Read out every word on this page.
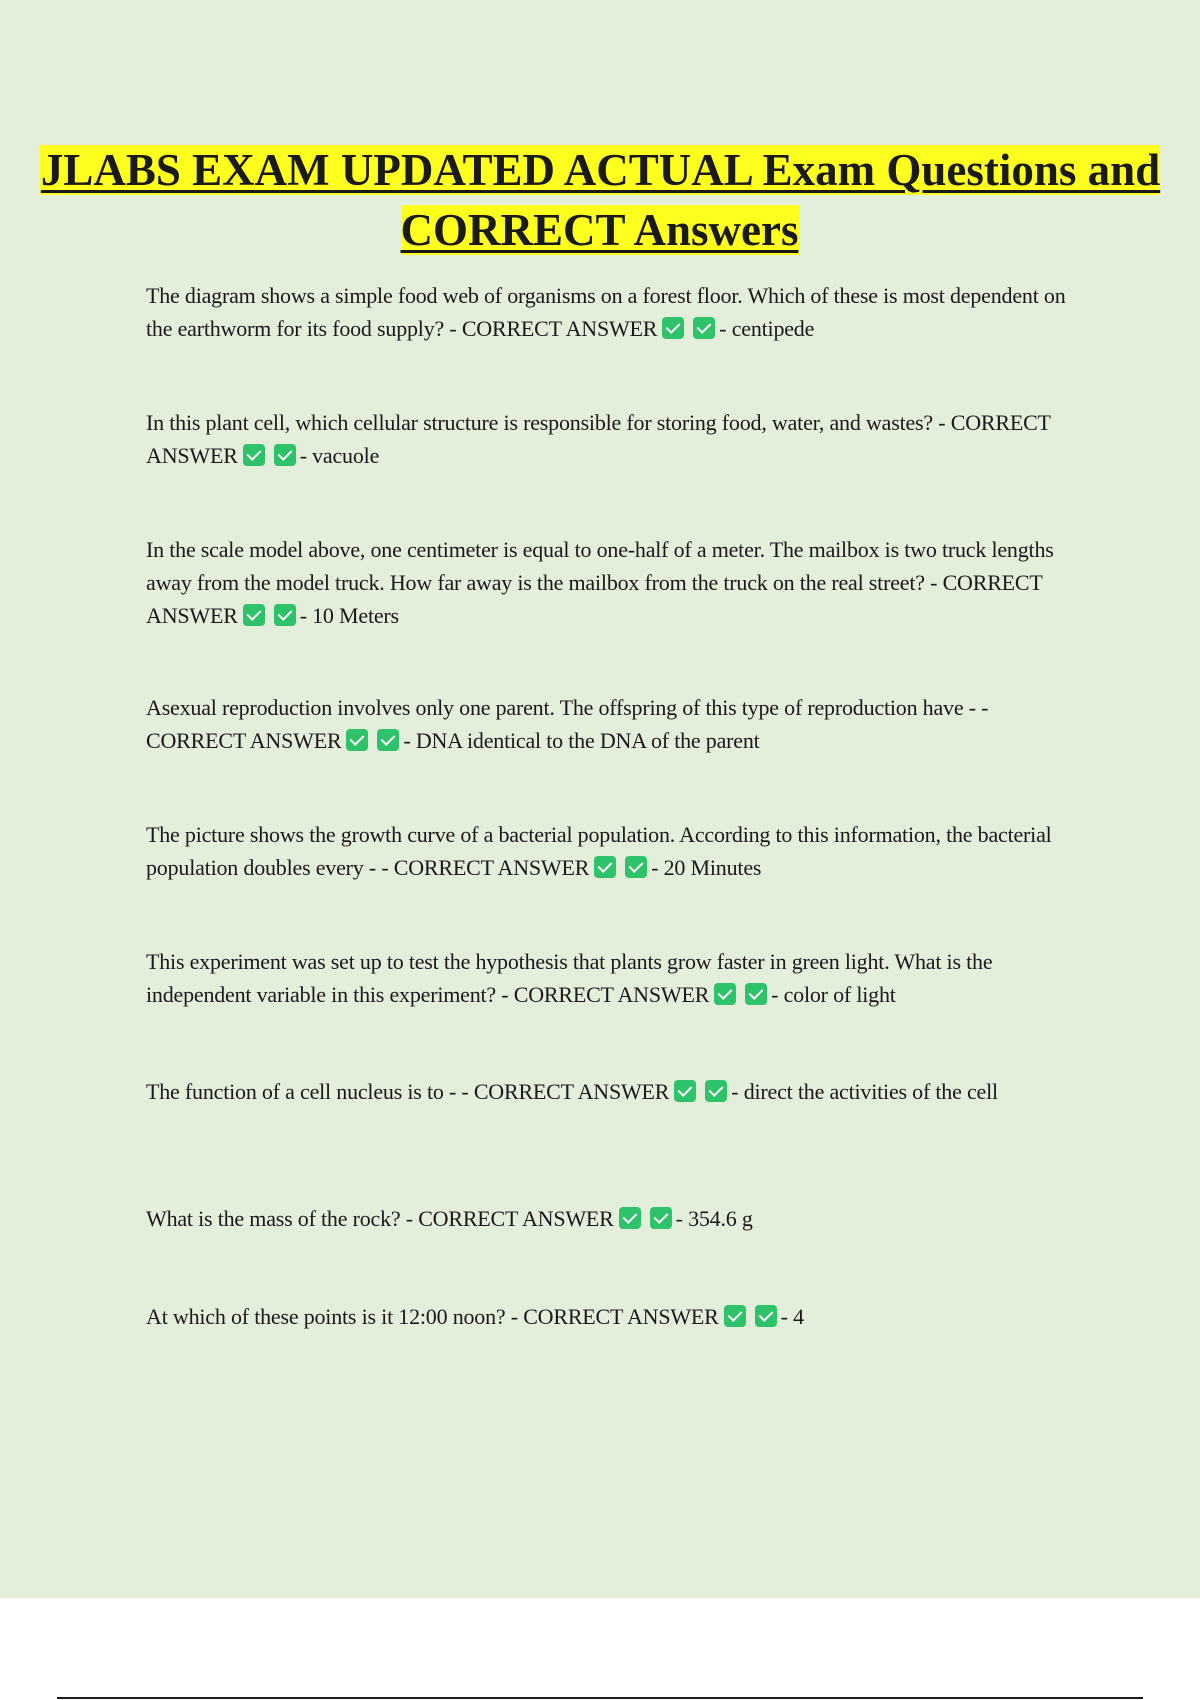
JLABS EXAM UPDATED ACTUAL Exam Questions and CORRECT Answers

The diagram shows a simple food web of organisms on a forest floor. Which of these is most dependent on the earthworm for its food supply? - CORRECT ANSWER	- centipede

In this plant cell, which cellular structure is responsible for storing food, water, and wastes? - CORRECT ANSWER	- vacuole

In the scale model above, one centimeter is equal to one-half of a meter. The mailbox is two truck lengths away from the model truck. How far away is the mailbox from the truck on the real street? - CORRECT ANSWER	- 10 Meters

Asexual reproduction involves only one parent. The offspring of this type of reproduction have - - CORRECT ANSWER	- DNA identical to the DNA of the parent

The picture shows the growth curve of a bacterial population. According to this information, the bacterial population doubles every - - CORRECT ANSWER	- 20 Minutes

This experiment was set up to test the hypothesis that plants grow faster in green light. What is the independent variable in this experiment? - CORRECT ANSWER	- color of light

The function of a cell nucleus is to - - CORRECT ANSWER	- direct the activities of the cell

What is the mass of the rock? - CORRECT ANSWER	- 354.6 g

At which of these points is it 12:00 noon? - CORRECT ANSWER	- 4
